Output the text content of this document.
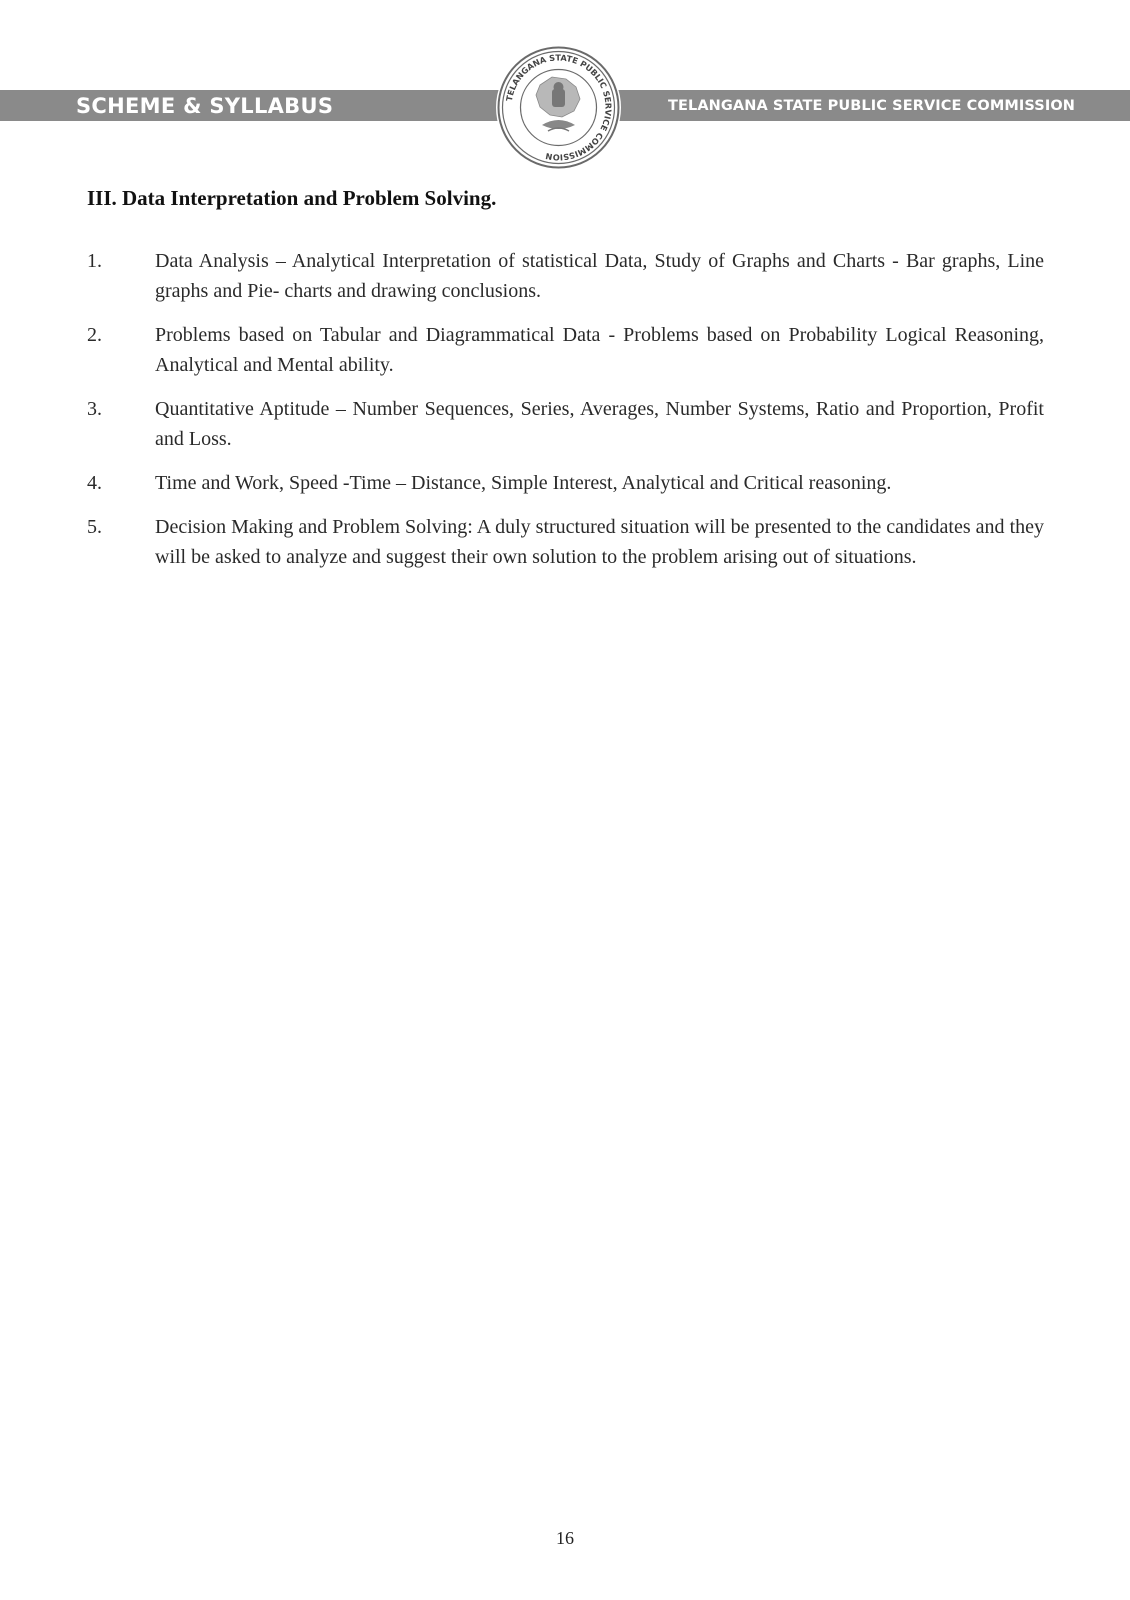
SCHEME & SYLLABUS	TELANGANA STATE PUBLIC SERVICE COMMISSION
TELANGANA STATE PUBLIC SERVICE COMMISSION
III. Data Interpretation and Problem Solving.
1.	Data Analysis – Analytical Interpretation of statistical Data, Study of Graphs and Charts - Bar graphs, Line graphs and Pie- charts and drawing conclusions.
2.	Problems based on Tabular and Diagrammatical Data - Problems based on Probability Logical Reasoning, Analytical and Mental ability.
3.	Quantitative Aptitude – Number Sequences, Series, Averages, Number Systems, Ratio and Proportion, Profit and Loss.
4.	Time and Work, Speed -Time – Distance, Simple Interest, Analytical and Critical reasoning.
5.	Decision Making and Problem Solving: A duly structured situation will be presented to the candidates and they will be asked to analyze and suggest their own solution to the problem arising out of situations.
16
